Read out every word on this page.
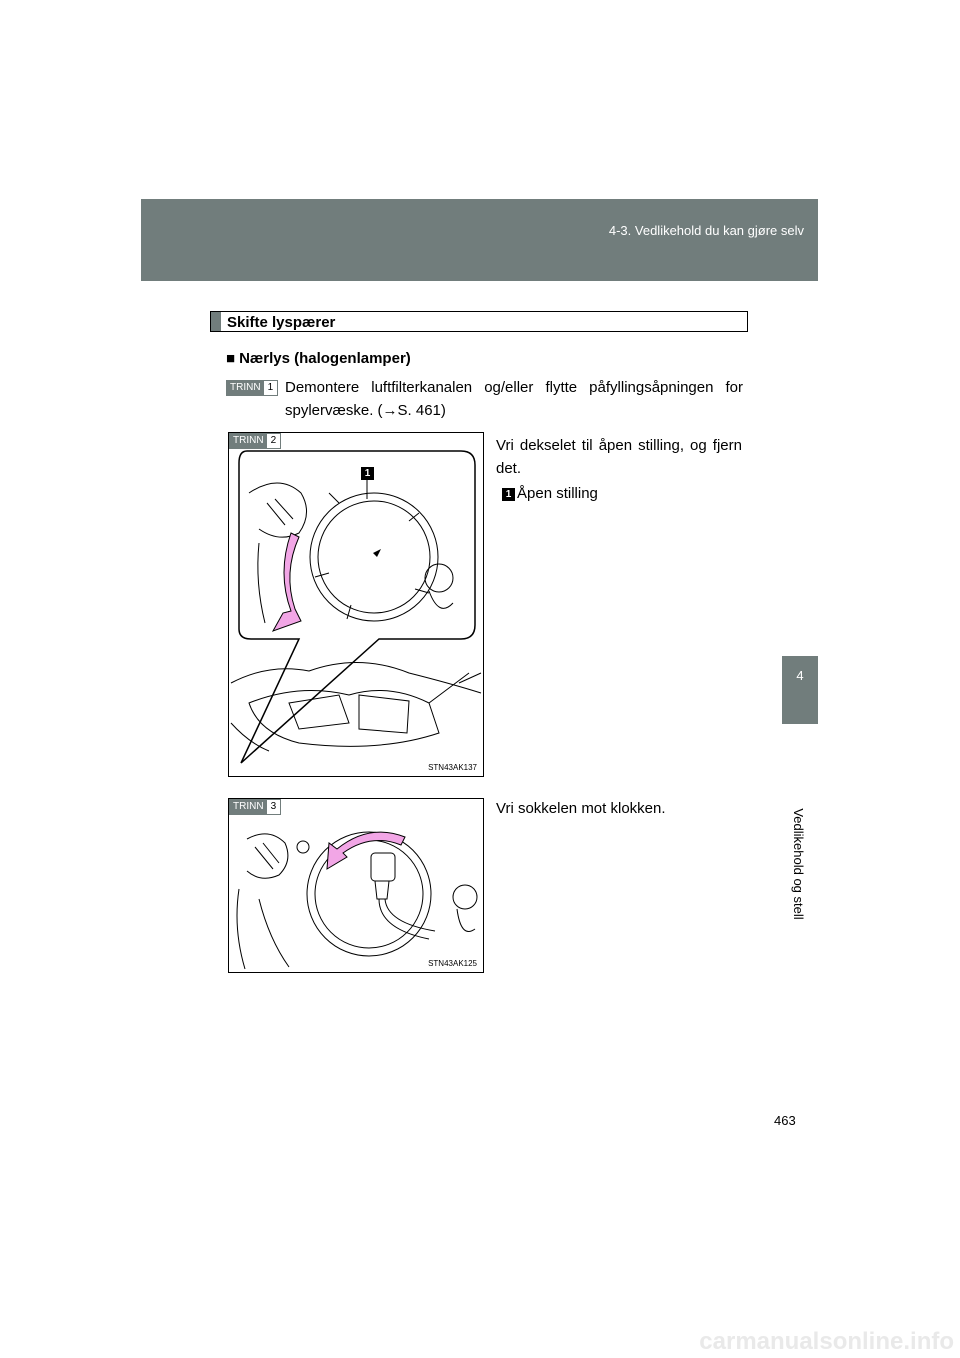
4-3. Vedlikehold du kan gjøre selv
4
Vedlikehold og stell
Skifte lyspærer
■ Nærlys (halogenlamper)
TRINN 1 Demontere luftfilterkanalen og/eller flytte påfyllingsåpningen for spylervæske. (→S. 461)
TRINN 2
1
STN43AK137
Vri dekselet til åpen stilling, og fjern det.
1 Åpen stilling
TRINN 3
STN43AK125
Vri sokkelen mot klokken.
463
carmanualsonline.info
